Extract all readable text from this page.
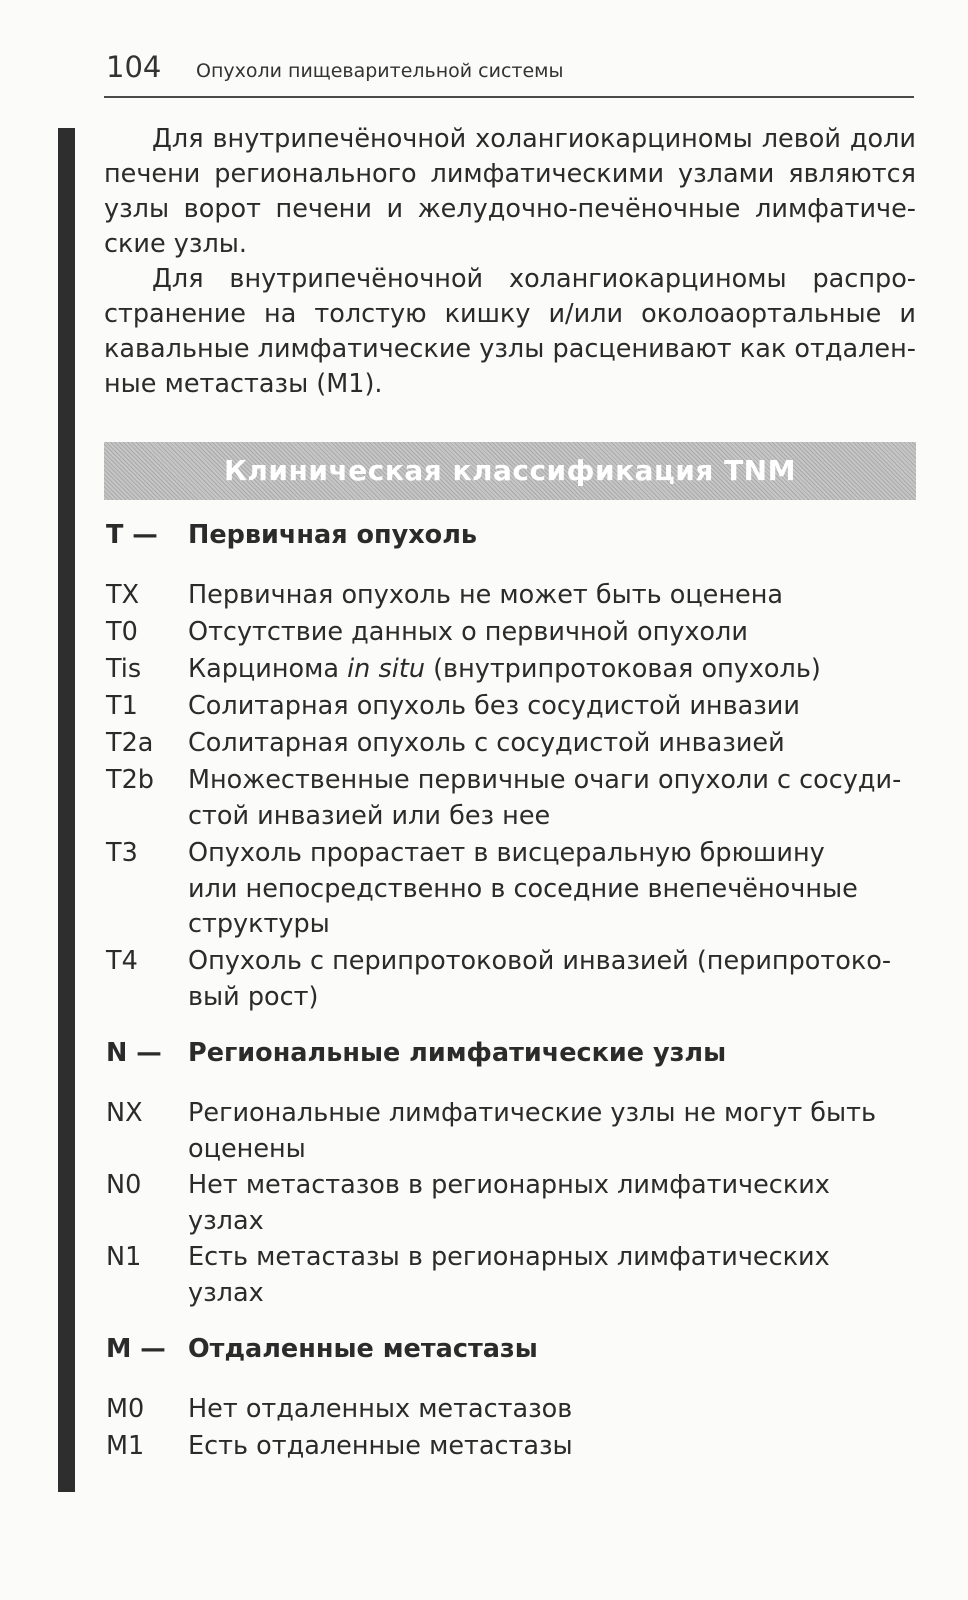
104 Опухоли пищеварительной системы

Для внутрипечёночной холангиокарциномы левой доли
печени регионального лимфатическими узлами являются
узлы ворот печени и желудочно-печёночные лимфатиче-
ские узлы.

Для внутрипечёночной холангиокарциномы распро-
странение на толстую кишку и/или околоаортальные и
кавальные лимфатические узлы расценивают как отдален-
ные метастазы (M1).

Клиническая классификация TNM
T — Первичная опухоль
TX Первичная опухоль не может быть оценена
T0 Отсутствие данных о первичной опухоли
Tis Карцинома in situ (внутрипротоковая опухоль)
T1 Солитарная опухоль без сосудистой инвазии
T2a Солитарная опухоль с сосудистой инвазией
T2b Множественные первичные очаги опухоли с сосуди-
стой инвазией или без нее
T3 Опухоль прорастает в висцеральную брюшину
или непосредственно в соседние внепечёночные
структуры
T4 Опухоль с перипротоковой инвазией (перипротоко-
вый рост)
N — Региональные лимфатические узлы
NX Региональные лимфатические узлы не могут быть
оценены
N0 Нет метастазов в регионарных лимфатических
узлах
N1 Есть метастазы в регионарных лимфатических
узлах
M — Отдаленные метастазы
M0 Нет отдаленных метастазов
M1 Есть отдаленные метастазы
